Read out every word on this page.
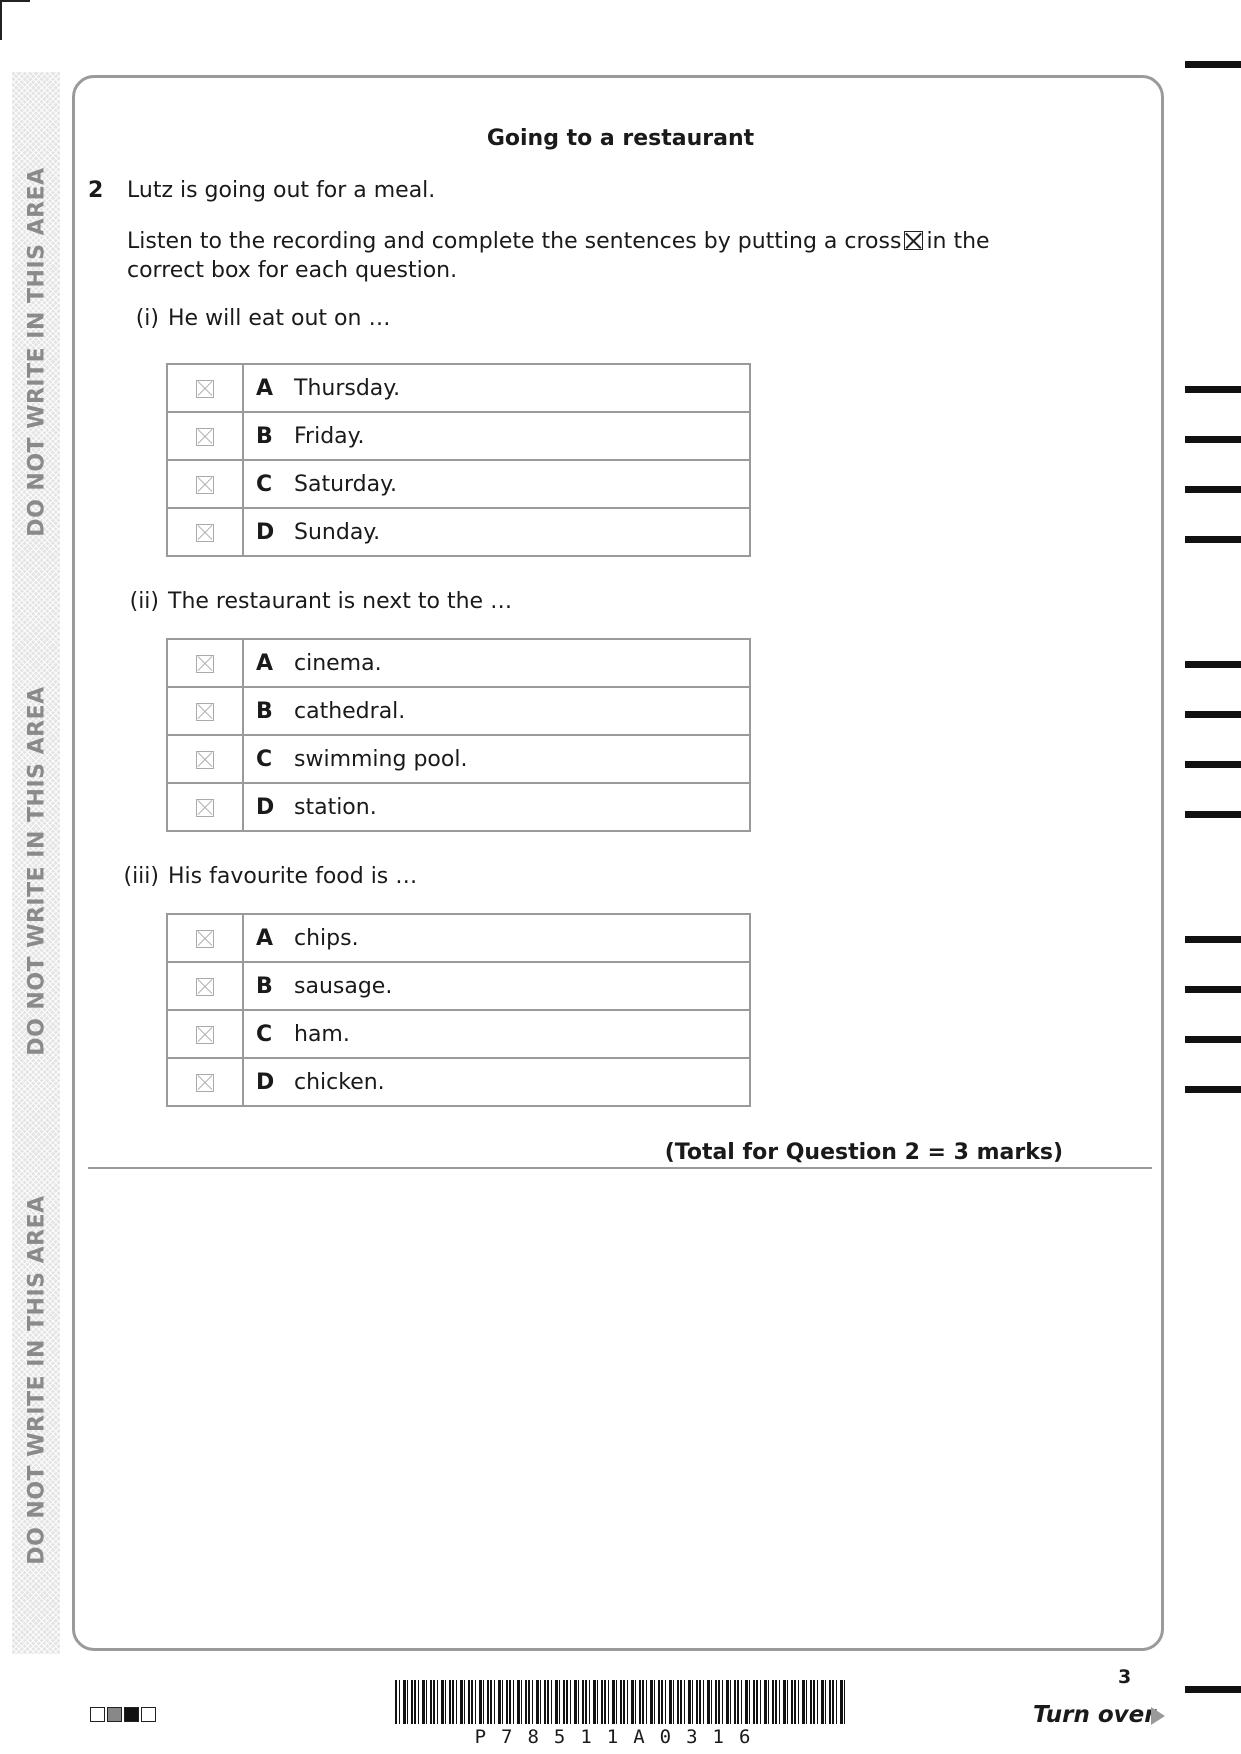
DO NOT WRITE IN THIS AREA
DO NOT WRITE IN THIS AREA
DO NOT WRITE IN THIS AREA
Going to a restaurant
2 Lutz is going out for a meal.
Listen to the recording and complete the sentences by putting a cross ☒ in the correct box for each question.
(i) He will eat out on …
	A Thursday.
	B Friday.
	C Saturday.
	D Sunday.
(ii) The restaurant is next to the …
	A cinema.
	B cathedral.
	C swimming pool.
	D station.
(iii) His favourite food is …
	A chips.
	B sausage.
	C ham.
	D chicken.
(Total for Question 2 = 3 marks)
P78511A0316
3
Turn over
